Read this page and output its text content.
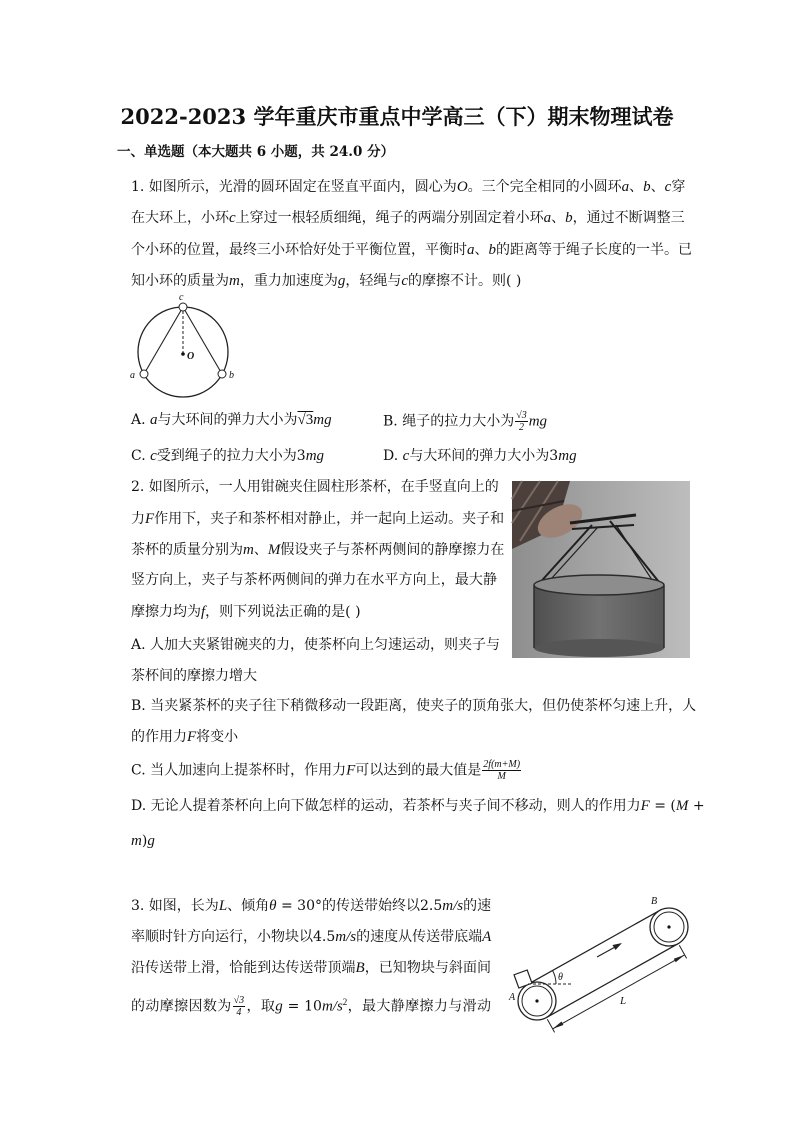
2022-2023 学年重庆市重点中学高三（下）期末物理试卷
一、单选题（本大题共 6 小题，共 24.0 分）
1. 如图所示，光滑的圆环固定在竖直平面内，圆心为O。三个完全相同的小圆环a、b、c穿
在大环上，小环c上穿过一根轻质细绳，绳子的两端分别固定着小环a、b，通过不断调整三
个小环的位置，最终三小环恰好处于平衡位置，平衡时a、b的距离等于绳子长度的一半。已
知小环的质量为m，重力加速度为g，轻绳与c的摩擦不计。则( )
c
O
a	b
A. a与大环间的弹力大小为√3mg	B. 绳子的拉力大小为 $\frac{√3}{2}$ mg
C. c受到绳子的拉力大小为3mg	D. c与大环间的弹力大小为3mg
2. 如图所示，一人用钳碗夹住圆柱形茶杯，在手竖直向上的
力F作用下，夹子和茶杯相对静止，并一起向上运动。夹子和
茶杯的质量分别为m、M假设夹子与茶杯两侧间的静摩擦力在
竖方向上，夹子与茶杯两侧间的弹力在水平方向上，最大静
摩擦力均为f，则下列说法正确的是( )
A. 人加大夹紧钳碗夹的力，使茶杯向上匀速运动，则夹子与
茶杯间的摩擦力增大
B. 当夹紧茶杯的夹子往下稍微移动一段距离，使夹子的顶角张大，但仍使茶杯匀速上升，人
的作用力F将变小
C. 当人加速向上提茶杯时，作用力F可以达到的最大值是 $\frac{2f(m+M)}{M}$
D. 无论人提着茶杯向上向下做怎样的运动，若茶杯与夹子间不移动，则人的作用力F = (M +
m)g
3. 如图，长为L、倾角θ = 30°的传送带始终以2.5m/s的速
率顺时针方向运行，小物块以4.5m/s的速度从传送带底端A
沿传送带上滑，恰能到达传送带顶端B，已知物块与斜面间
的动摩擦因数为 $\frac{√3}{4}$ ，取$g = 10m/s^2$，最大静摩擦力与滑动
A
B
θ
L
